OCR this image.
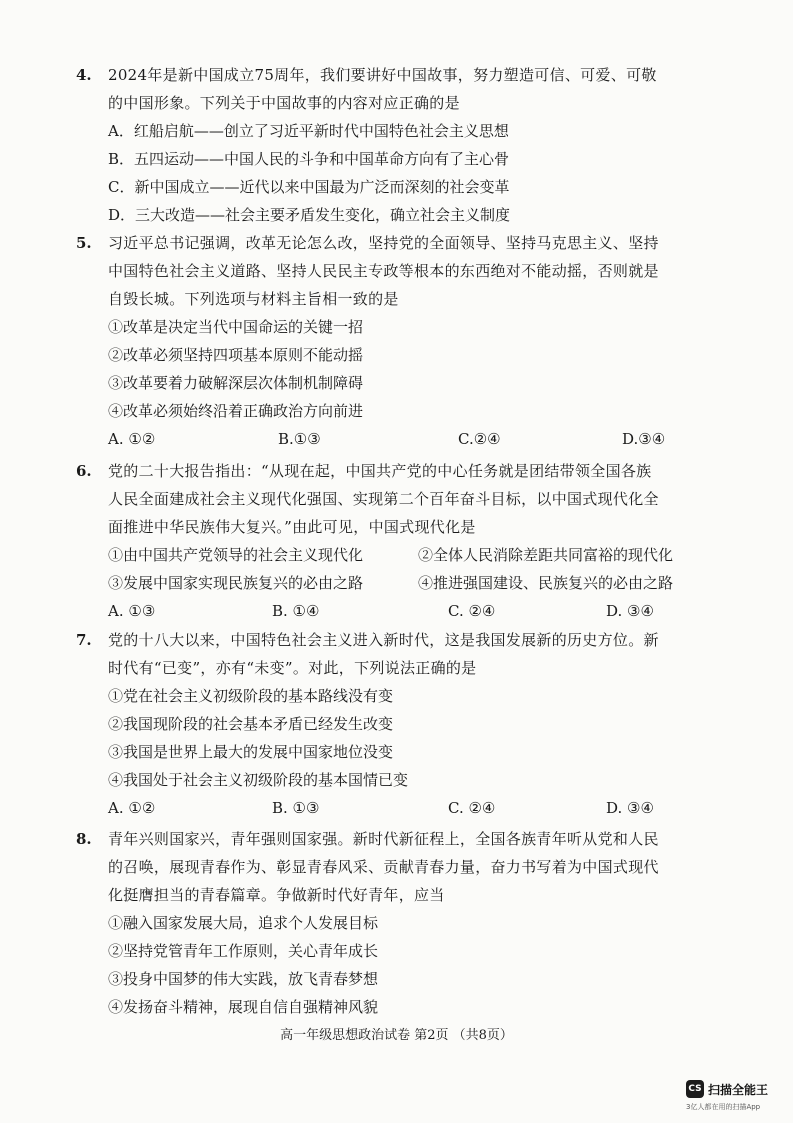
4. 2024年是新中国成立75周年，我们要讲好中国故事，努力塑造可信、可爱、可敬
的中国形象。下列关于中国故事的内容对应正确的是
A．红船启航——创立了习近平新时代中国特色社会主义思想
B．五四运动——中国人民的斗争和中国革命方向有了主心骨
C．新中国成立——近代以来中国最为广泛而深刻的社会变革
D．三大改造——社会主要矛盾发生变化，确立社会主义制度
5. 习近平总书记强调，改革无论怎么改，坚持党的全面领导、坚持马克思主义、坚持
中国特色社会主义道路、坚持人民民主专政等根本的东西绝对不能动摇，否则就是
自毁长城。下列选项与材料主旨相一致的是
①改革是决定当代中国命运的关键一招
②改革必须坚持四项基本原则不能动摇
③改革要着力破解深层次体制机制障碍
④改革必须始终沿着正确政治方向前进
A. ①②	B.①③	C.②④	D.③④
6. 党的二十大报告指出：“从现在起，中国共产党的中心任务就是团结带领全国各族
人民全面建成社会主义现代化强国、实现第二个百年奋斗目标，以中国式现代化全
面推进中华民族伟大复兴。”由此可见，中国式现代化是
①由中国共产党领导的社会主义现代化	②全体人民消除差距共同富裕的现代化
③发展中国家实现民族复兴的必由之路	④推进强国建设、民族复兴的必由之路
A. ①③	B. ①④	C. ②④	D. ③④
7. 党的十八大以来，中国特色社会主义进入新时代，这是我国发展新的历史方位。新
时代有“已变”，亦有“未变”。对此，下列说法正确的是
①党在社会主义初级阶段的基本路线没有变
②我国现阶段的社会基本矛盾已经发生改变
③我国是世界上最大的发展中国家地位没变
④我国处于社会主义初级阶段的基本国情已变
A. ①②	B. ①③	C. ②④	D. ③④
8. 青年兴则国家兴，青年强则国家强。新时代新征程上，全国各族青年听从党和人民
的召唤，展现青春作为、彰显青春风采、贡献青春力量，奋力书写着为中国式现代
化挺膺担当的青春篇章。争做新时代好青年，应当
①融入国家发展大局，追求个人发展目标
②坚持党管青年工作原则，关心青年成长
③投身中国梦的伟大实践，放飞青春梦想
④发扬奋斗精神，展现自信自强精神风貌
高一年级思想政治试卷 第2页 （共8页）
CS 扫描全能王
3亿人都在用的扫描App
